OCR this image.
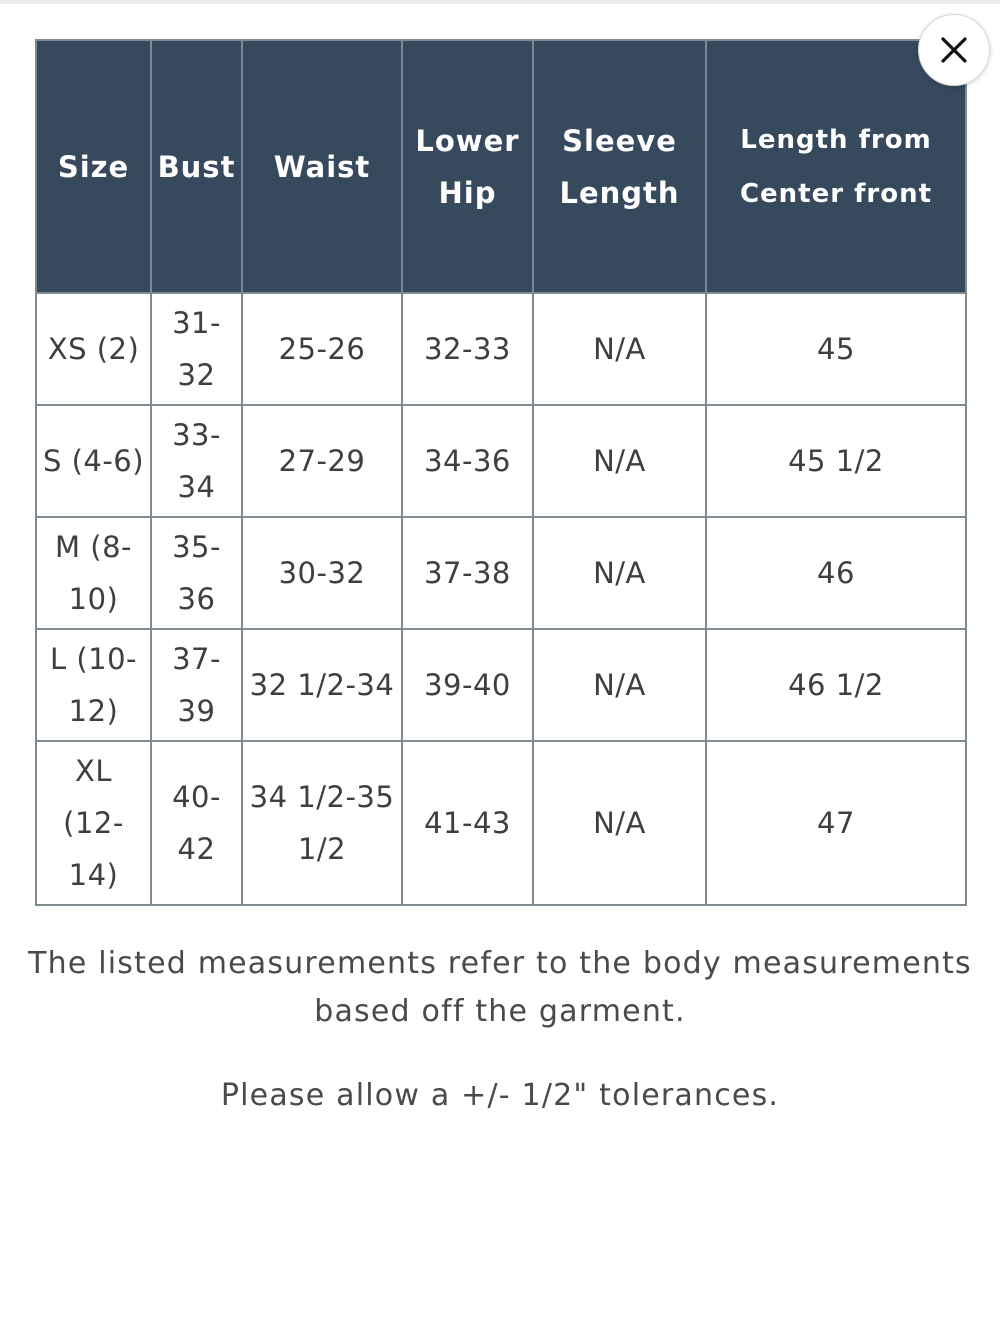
Size	Bust	Waist	Lower Hip	Sleeve Length	Length from Center front
XS (2)	31-32	25-26	32-33	N/A	45
S (4-6)	33-34	27-29	34-36	N/A	45 1/2
M (8-10)	35-36	30-32	37-38	N/A	46
L (10-12)	37-39	32 1/2-34	39-40	N/A	46 1/2
XL (12-14)	40-42	34 1/2-35 1/2	41-43	N/A	47

The listed measurements refer to the body measurements based off the garment.

Please allow a +/- 1/2" tolerances.
